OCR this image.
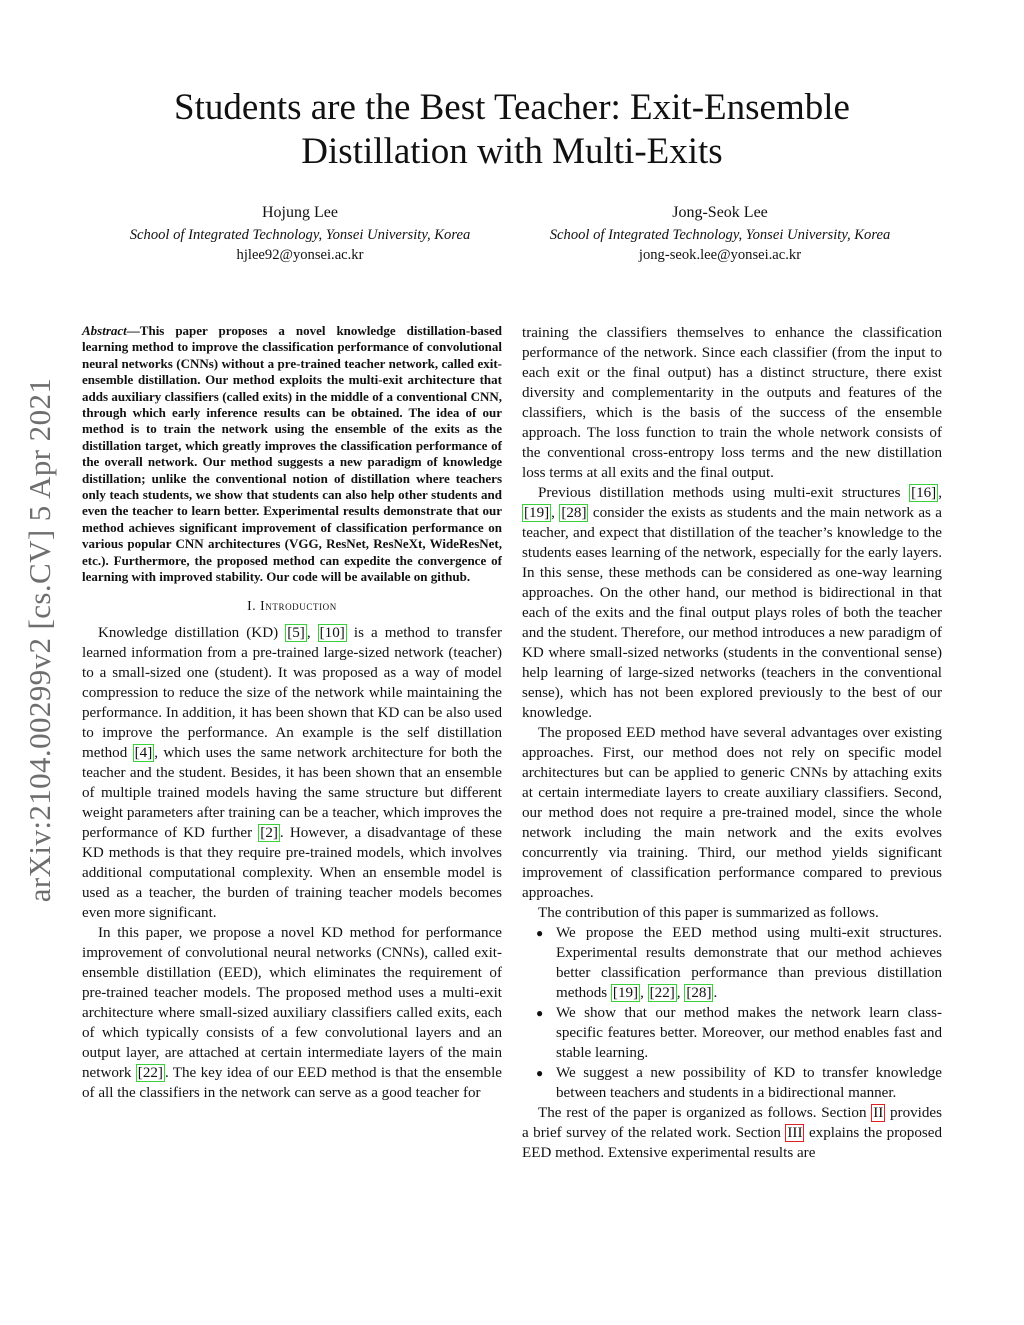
Students are the Best Teacher: Exit-Ensemble
Distillation with Multi-Exits
Hojung Lee
School of Integrated Technology, Yonsei University, Korea
hjlee92@yonsei.ac.kr
Jong-Seok Lee
School of Integrated Technology, Yonsei University, Korea
jong-seok.lee@yonsei.ac.kr
arXiv:2104.00299v2 [cs.CV] 5 Apr 2021

Abstract—This paper proposes a novel knowledge distillation-based learning method to improve the classification performance of convolutional neural networks (CNNs) without a pre-trained teacher network, called exit-ensemble distillation. Our method exploits the multi-exit architecture that adds auxiliary classifiers (called exits) in the middle of a conventional CNN, through which early inference results can be obtained. The idea of our method is to train the network using the ensemble of the exits as the distillation target, which greatly improves the classification performance of the overall network. Our method suggests a new paradigm of knowledge distillation; unlike the conventional notion of distillation where teachers only teach students, we show that students can also help other students and even the teacher to learn better. Experimental results demonstrate that our method achieves significant improvement of classification performance on various popular CNN architectures (VGG, ResNet, ResNeXt, WideResNet, etc.). Furthermore, the proposed method can expedite the convergence of learning with improved stability. Our code will be available on github.

I. Introduction

Knowledge distillation (KD) [5] , [10] is a method to transfer learned information from a pre-trained large-sized network (teacher) to a small-sized one (student). It was proposed as a way of model compression to reduce the size of the network while maintaining the performance. In addition, it has been shown that KD can be also used to improve the performance. An example is the self distillation method [4] , which uses the same network architecture for both the teacher and the student. Besides, it has been shown that an ensemble of multiple trained models having the same structure but different weight parameters after training can be a teacher, which improves the performance of KD further [2] . However, a disadvantage of these KD methods is that they require pre-trained models, which involves additional computational complexity. When an ensemble model is used as a teacher, the burden of training teacher models becomes even more significant.

In this paper, we propose a novel KD method for performance improvement of convolutional neural networks (CNNs), called exit-ensemble distillation (EED), which eliminates the requirement of pre-trained teacher models. The proposed method uses a multi-exit architecture where small-sized auxiliary classifiers called exits, each of which typically consists of a few convolutional layers and an output layer, are attached at certain intermediate layers of the main network [22] . The key idea of our EED method is that the ensemble of all the classifiers in the network can serve as a good teacher for

training the classifiers themselves to enhance the classification performance of the network. Since each classifier (from the input to each exit or the final output) has a distinct structure, there exist diversity and complementarity in the outputs and features of the classifiers, which is the basis of the success of the ensemble approach. The loss function to train the whole network consists of the conventional cross-entropy loss terms and the new distillation loss terms at all exits and the final output.

Previous distillation methods using multi-exit structures [16] , [19] , [28] consider the exists as students and the main network as a teacher, and expect that distillation of the teacher’s knowledge to the students eases learning of the network, especially for the early layers. In this sense, these methods can be considered as one-way learning approaches. On the other hand, our method is bidirectional in that each of the exits and the final output plays roles of both the teacher and the student. Therefore, our method introduces a new paradigm of KD where small-sized networks (students in the conventional sense) help learning of large-sized networks (teachers in the conventional sense), which has not been explored previously to the best of our knowledge.

The proposed EED method have several advantages over existing approaches. First, our method does not rely on specific model architectures but can be applied to generic CNNs by attaching exits at certain intermediate layers to create auxiliary classifiers. Second, our method does not require a pre-trained model, since the whole network including the main network and the exits evolves concurrently via training. Third, our method yields significant improvement of classification performance compared to previous approaches.

The contribution of this paper is summarized as follows.

● We propose the EED method using multi-exit structures. Experimental results demonstrate that our method achieves better classification performance than previous distillation methods [19] , [22] , [28] .
● We show that our method makes the network learn class-specific features better. Moreover, our method enables fast and stable learning.
● We suggest a new possibility of KD to transfer knowledge between teachers and students in a bidirectional manner.

The rest of the paper is organized as follows. Section II provides a brief survey of the related work. Section III explains the proposed EED method. Extensive experimental results are
